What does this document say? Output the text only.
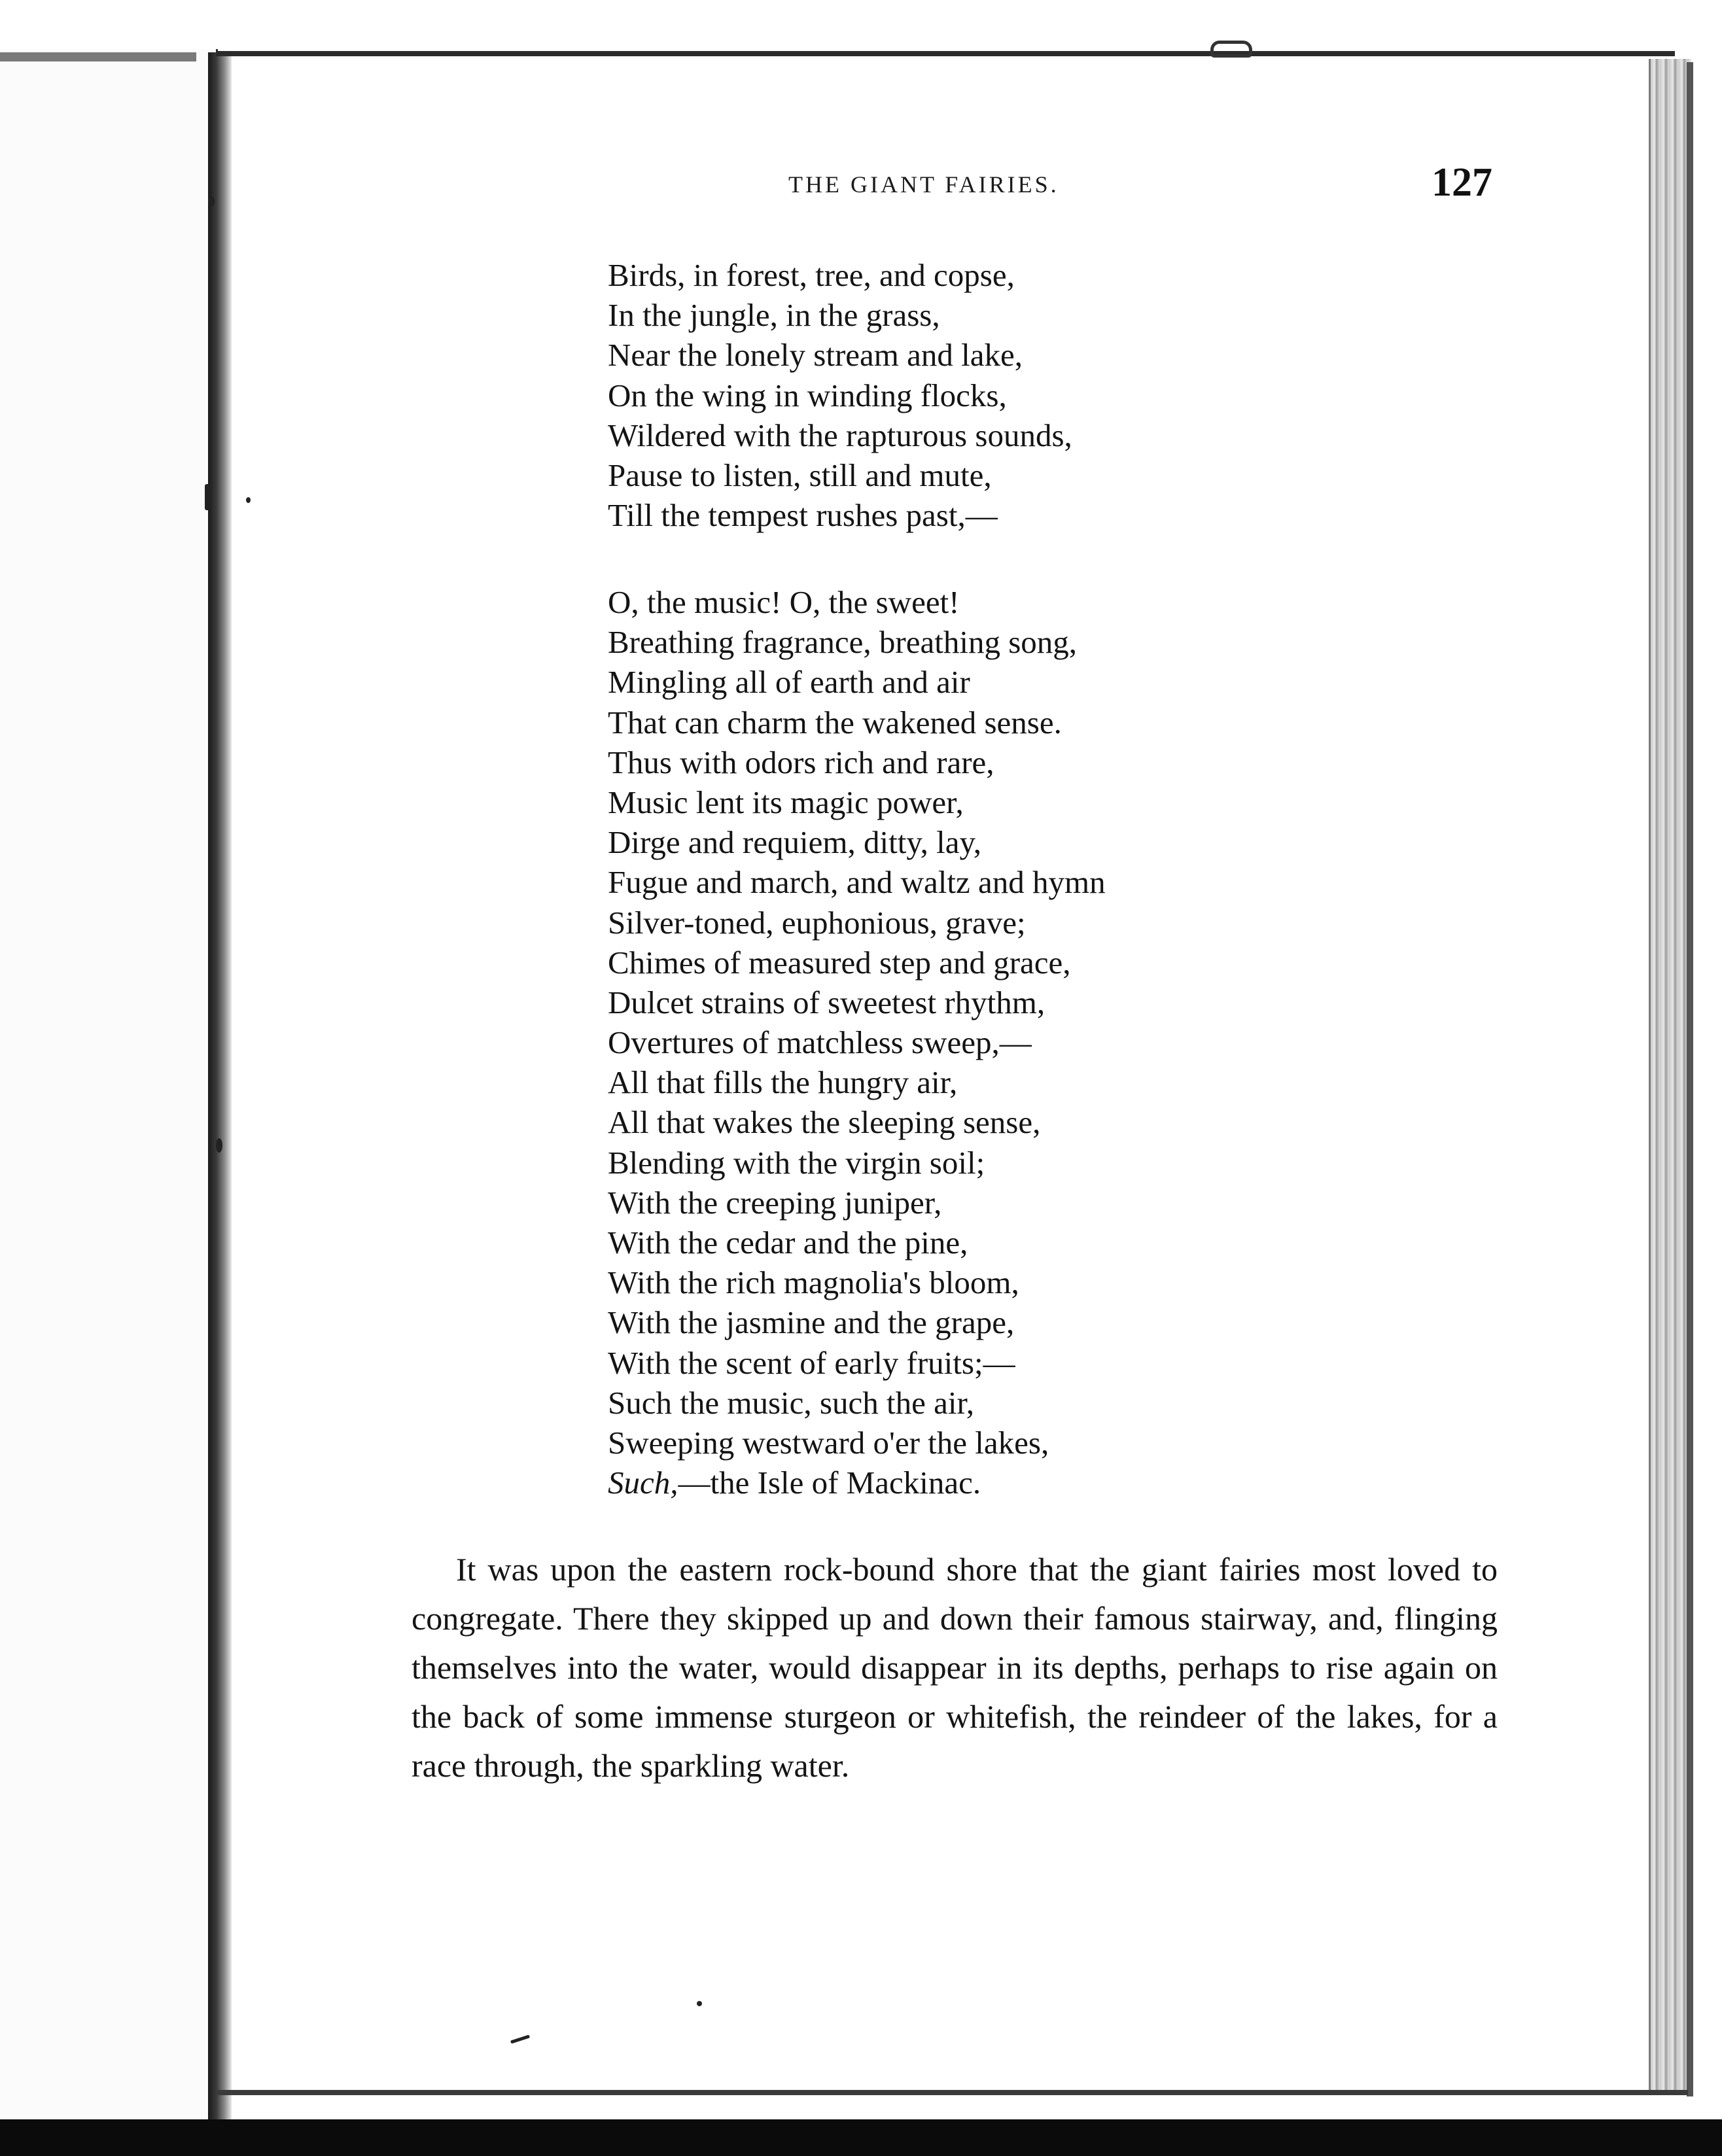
THE GIANT FAIRIES.	127
Birds, in forest, tree, and copse,
In the jungle, in the grass,
Near the lonely stream and lake,
On the wing in winding flocks,
Wildered with the rapturous sounds,
Pause to listen, still and mute,
Till the tempest rushes past,—
O, the music! O, the sweet!
Breathing fragrance, breathing song,
Mingling all of earth and air
That can charm the wakened sense.
Thus with odors rich and rare,
Music lent its magic power,
Dirge and requiem, ditty, lay,
Fugue and march, and waltz and hymn
Silver-toned, euphonious, grave;
Chimes of measured step and grace,
Dulcet strains of sweetest rhythm,
Overtures of matchless sweep,—
All that fills the hungry air,
All that wakes the sleeping sense,
Blending with the virgin soil;
With the creeping juniper,
With the cedar and the pine,
With the rich magnolia's bloom,
With the jasmine and the grape,
With the scent of early fruits;—
Such the music, such the air,
Sweeping westward o'er the lakes,
Such,—the Isle of Mackinac.

It was upon the eastern rock-bound shore that the giant fairies most loved to congregate. There they skipped up and down their famous stairway, and, flinging themselves into the water, would disappear in its depths, perhaps to rise again on the back of some immense sturgeon or whitefish, the reindeer of the lakes, for a race through, the sparkling water.
